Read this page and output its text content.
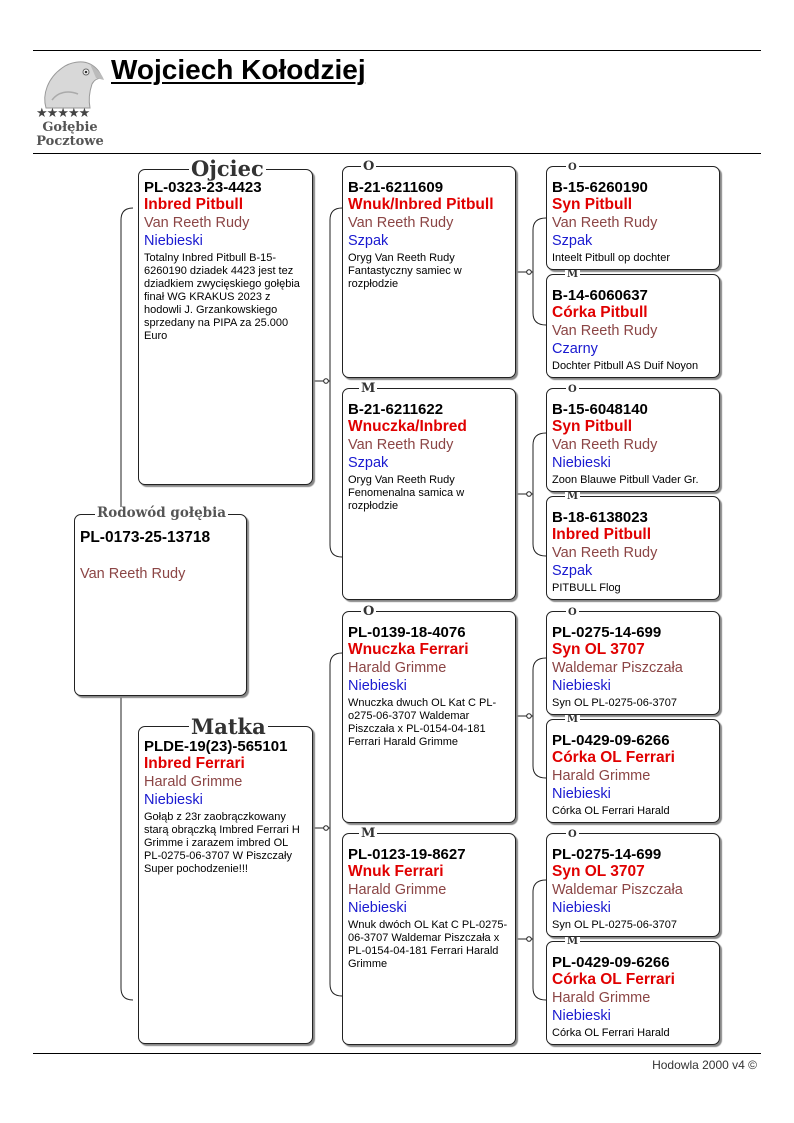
★★★★★
Gołębie
Pocztowe
Wojciech Kołodziej
PL-0173-25-13718
Van Reeth Rudy
Rodowód gołębia
PL-0323-23-4423
Inbred Pitbull
Van Reeth Rudy
Niebieski
Totalny Inbred Pitbull B-15-6260190 dziadek 4423 jest tez dziadkiem zwycięskiego gołębia finał WG KRAKUS 2023 z hodowli J. Grzankowskiego sprzedany na PIPA za 25.000 Euro
Ojciec
PLDE-19(23)-565101
Inbred Ferrari
Harald Grimme
Niebieski
Gołąb z 23r zaobrączkowany starą obrączką Imbred Ferrari H Grimme i zarazem imbred OL PL-0275-06-3707 W Piszczały Super pochodzenie!!!
Matka
B-21-6211609
Wnuk/Inbred Pitbull
Van Reeth Rudy
Szpak
Oryg Van Reeth Rudy Fantastyczny samiec w rozpłodzie
O
B-21-6211622
Wnuczka/Inbred
Van Reeth Rudy
Szpak
Oryg Van Reeth Rudy Fenomenalna samica w rozpłodzie
M
PL-0139-18-4076
Wnuczka Ferrari
Harald Grimme
Niebieski
Wnuczka dwuch OL Kat C PL-o275-06-3707 Waldemar Piszczała x PL-0154-04-181 Ferrari Harald Grimme
O
PL-0123-19-8627
Wnuk Ferrari
Harald Grimme
Niebieski
Wnuk dwóch OL Kat C PL-0275-06-3707 Waldemar Piszczała x PL-0154-04-181 Ferrari Harald Grimme
M
B-15-6260190
Syn Pitbull
Van Reeth Rudy
Szpak
Inteelt Pitbull op dochter
O
B-14-6060637
Córka Pitbull
Van Reeth Rudy
Czarny
Dochter Pitbull AS Duif Noyon
M
B-15-6048140
Syn Pitbull
Van Reeth Rudy
Niebieski
Zoon Blauwe Pitbull Vader Gr.
O
B-18-6138023
Inbred Pitbull
Van Reeth Rudy
Szpak
PITBULL Flog
M
PL-0275-14-699
Syn OL 3707
Waldemar Piszczała
Niebieski
Syn OL PL-0275-06-3707
O
PL-0429-09-6266
Córka OL Ferrari
Harald Grimme
Niebieski
Córka OL Ferrari Harald
M
PL-0275-14-699
Syn OL 3707
Waldemar Piszczała
Niebieski
Syn OL PL-0275-06-3707
O
PL-0429-09-6266
Córka OL Ferrari
Harald Grimme
Niebieski
Córka OL Ferrari Harald
M
Hodowla 2000 v4 ©
